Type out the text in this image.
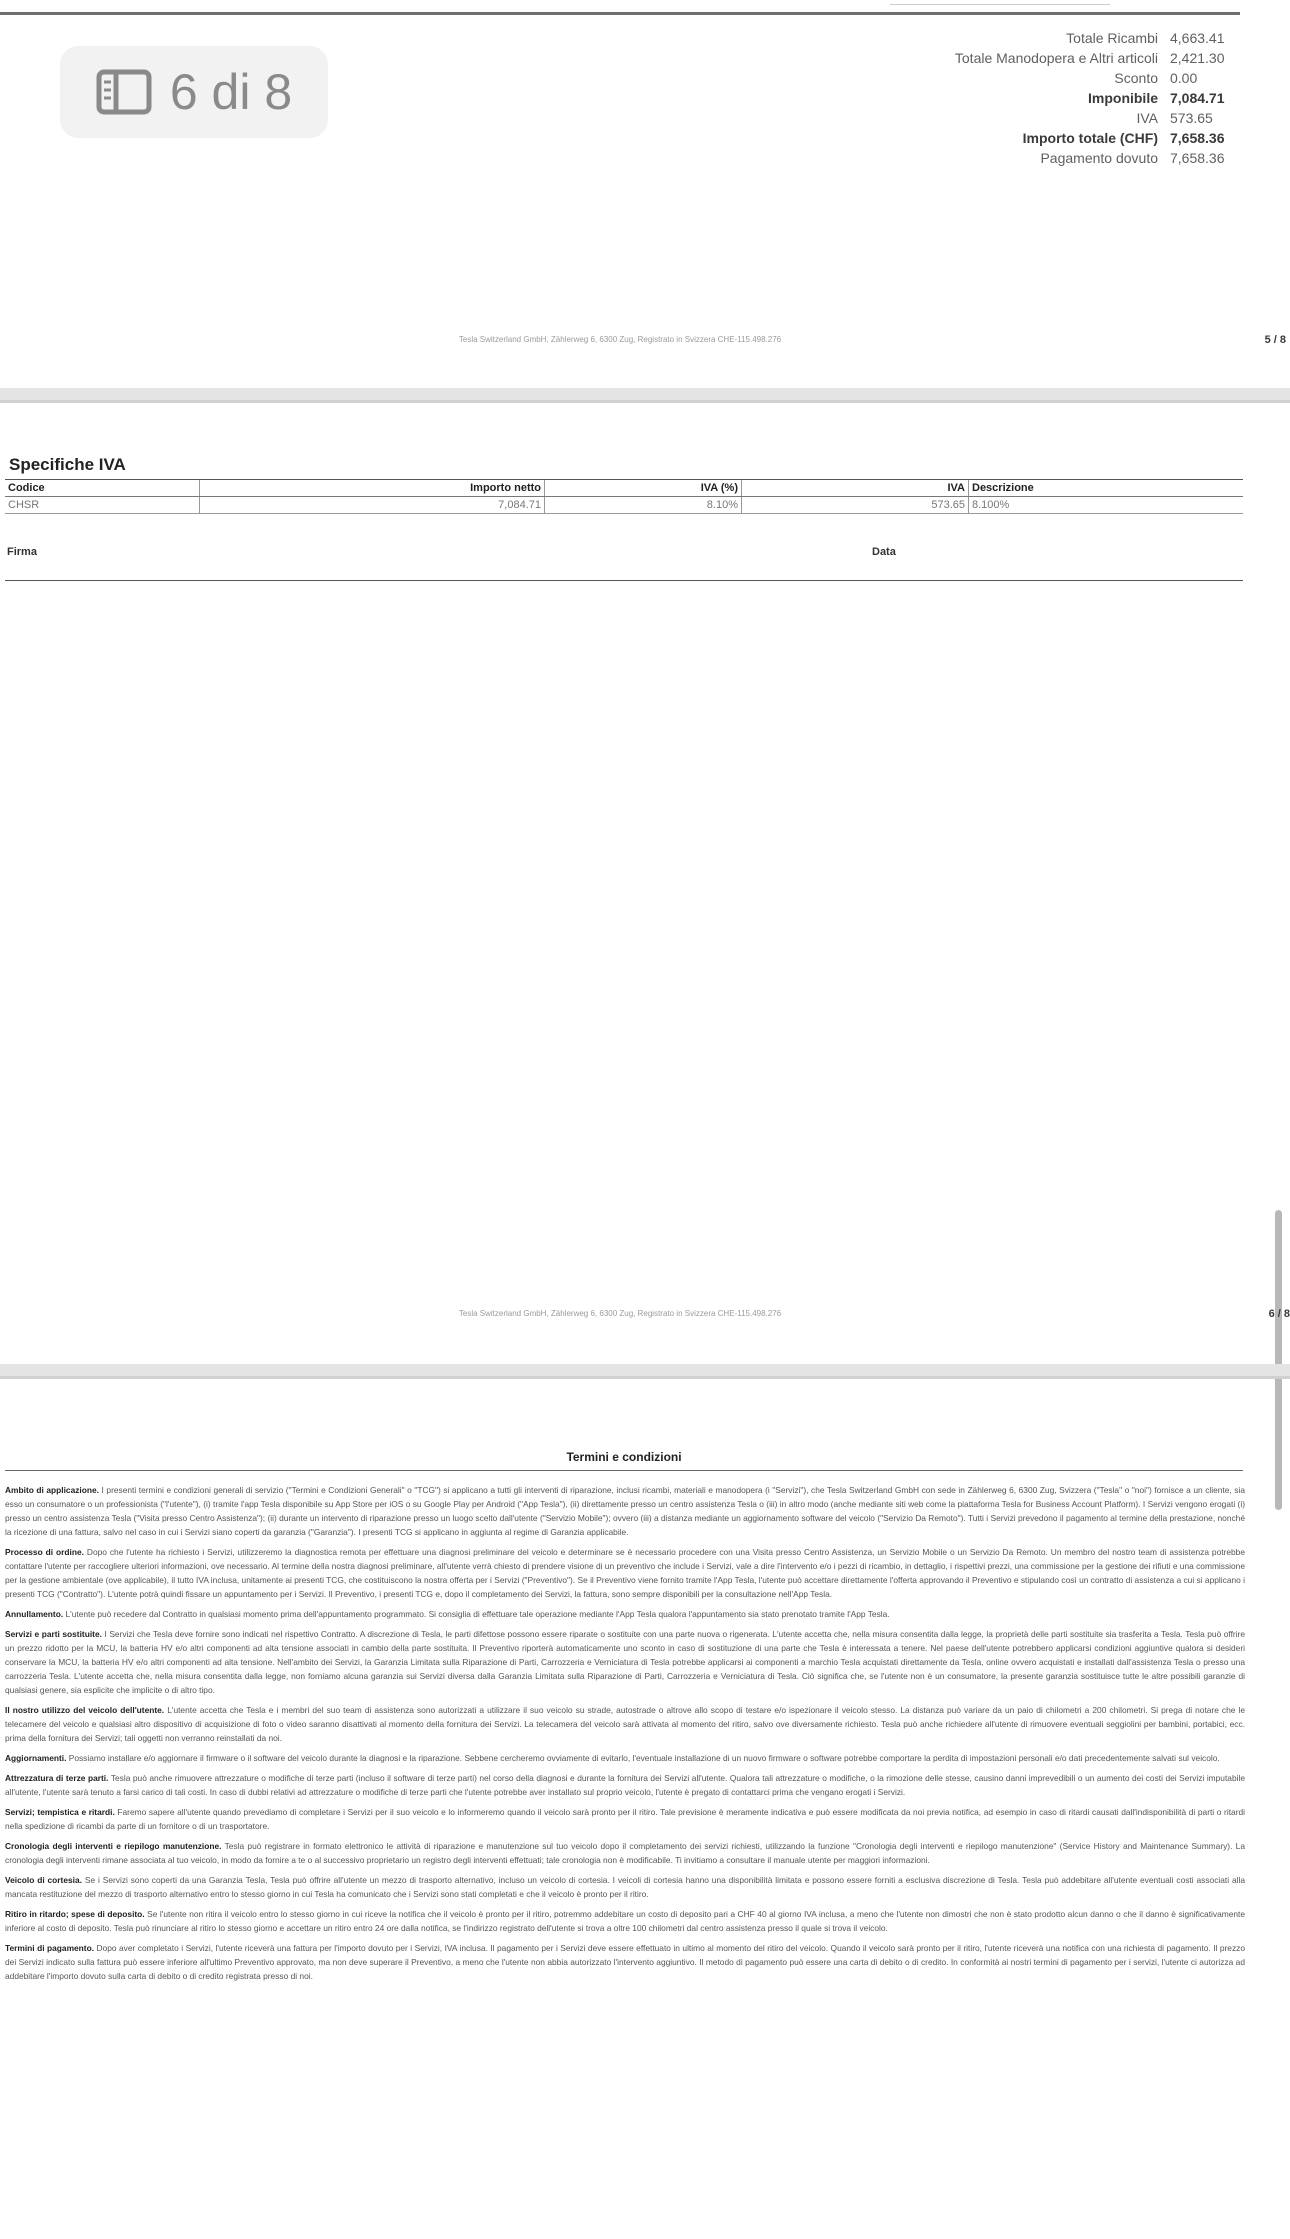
6 di 8
Totale Ricambi 4,663.41
Totale Manodopera e Altri articoli 2,421.30
Sconto 0.00
Imponibile 7,084.71
IVA 573.65
Importo totale (CHF) 7,658.36
Pagamento dovuto 7,658.36
Tesla Switzerland GmbH, Zählerweg 6, 6300 Zug, Registrato in Svizzera CHE-115.498.276	5 / 8
Specifiche IVA
Codice	Importo netto	IVA (%)	IVA	Descrizione
CHSR	7,084.71	8.10%	573.65	8.100%
Firma	Data
Tesla Switzerland GmbH, Zählerweg 6, 6300 Zug, Registrato in Svizzera CHE-115.498.276	6 / 8
Termini e condizioni

Ambito di applicazione. I presenti termini e condizioni generali di servizio ("Termini e Condizioni Generali" o "TCG") si applicano a tutti gli interventi di riparazione, inclusi ricambi, materiali e manodopera (i "Servizi"), che Tesla Switzerland GmbH con sede in Zählerweg 6, 6300 Zug, Svizzera ("Tesla" o "noi") fornisce a un cliente, sia esso un consumatore o un professionista ("l'utente"), (i) tramite l'app Tesla disponibile su App Store per iOS o su Google Play per Android ("App Tesla"), (ii) direttamente presso un centro assistenza Tesla o (iii) in altro modo (anche mediante siti web come la piattaforma Tesla for Business Account Platform). I Servizi vengono erogati (i) presso un centro assistenza Tesla ("Visita presso Centro Assistenza"); (ii) durante un intervento di riparazione presso un luogo scelto dall'utente ("Servizio Mobile"); ovvero (iii) a distanza mediante un aggiornamento software del veicolo ("Servizio Da Remoto"). Tutti i Servizi prevedono il pagamento al termine della prestazione, nonché la ricezione di una fattura, salvo nel caso in cui i Servizi siano coperti da garanzia ("Garanzia"). I presenti TCG si applicano in aggiunta al regime di Garanzia applicabile.

Processo di ordine. Dopo che l'utente ha richiesto i Servizi, utilizzeremo la diagnostica remota per effettuare una diagnosi preliminare del veicolo e determinare se è necessario procedere con una Visita presso Centro Assistenza, un Servizio Mobile o un Servizio Da Remoto. Un membro del nostro team di assistenza potrebbe contattare l'utente per raccogliere ulteriori informazioni, ove necessario. Al termine della nostra diagnosi preliminare, all'utente verrà chiesto di prendere visione di un preventivo che include i Servizi, vale a dire l'intervento e/o i pezzi di ricambio, in dettaglio, i rispettivi prezzi, una commissione per la gestione dei rifiuti e una commissione per la gestione ambientale (ove applicabile), il tutto IVA inclusa, unitamente ai presenti TCG, che costituiscono la nostra offerta per i Servizi ("Preventivo"). Se il Preventivo viene fornito tramite l'App Tesla, l'utente può accettare direttamente l'offerta approvando il Preventivo e stipulando così un contratto di assistenza a cui si applicano i presenti TCG ("Contratto"). L'utente potrà quindi fissare un appuntamento per i Servizi. Il Preventivo, i presenti TCG e, dopo il completamento dei Servizi, la fattura, sono sempre disponibili per la consultazione nell'App Tesla.

Annullamento. L'utente può recedere dal Contratto in qualsiasi momento prima dell'appuntamento programmato. Si consiglia di effettuare tale operazione mediante l'App Tesla qualora l'appuntamento sia stato prenotato tramite l'App Tesla.

Servizi e parti sostituite. I Servizi che Tesla deve fornire sono indicati nel rispettivo Contratto. A discrezione di Tesla, le parti difettose possono essere riparate o sostituite con una parte nuova o rigenerata. L'utente accetta che, nella misura consentita dalla legge, la proprietà delle parti sostituite sia trasferita a Tesla. Tesla può offrire un prezzo ridotto per la MCU, la batteria HV e/o altri componenti ad alta tensione associati in cambio della parte sostituita. Il Preventivo riporterà automaticamente uno sconto in caso di sostituzione di una parte che Tesla è interessata a tenere. Nel paese dell'utente potrebbero applicarsi condizioni aggiuntive qualora si desideri conservare la MCU, la batteria HV e/o altri componenti ad alta tensione. Nell'ambito dei Servizi, la Garanzia Limitata sulla Riparazione di Parti, Carrozzeria e Verniciatura di Tesla potrebbe applicarsi ai componenti a marchio Tesla acquistati direttamente da Tesla, online ovvero acquistati e installati dall'assistenza Tesla o presso una carrozzeria Tesla. L'utente accetta che, nella misura consentita dalla legge, non forniamo alcuna garanzia sui Servizi diversa dalla Garanzia Limitata sulla Riparazione di Parti, Carrozzeria e Verniciatura di Tesla. Ciò significa che, se l'utente non è un consumatore, la presente garanzia sostituisce tutte le altre possibili garanzie di qualsiasi genere, sia esplicite che implicite o di altro tipo.

Il nostro utilizzo del veicolo dell'utente. L'utente accetta che Tesla e i membri del suo team di assistenza sono autorizzati a utilizzare il suo veicolo su strade, autostrade o altrove allo scopo di testare e/o ispezionare il veicolo stesso. La distanza può variare da un paio di chilometri a 200 chilometri. Si prega di notare che le telecamere del veicolo e qualsiasi altro dispositivo di acquisizione di foto o video saranno disattivati al momento della fornitura dei Servizi. La telecamera del veicolo sarà attivata al momento del ritiro, salvo ove diversamente richiesto. Tesla può anche richiedere all'utente di rimuovere eventuali seggiolini per bambini, portabici, ecc. prima della fornitura dei Servizi; tali oggetti non verranno reinstallati da noi.

Aggiornamenti. Possiamo installare e/o aggiornare il firmware o il software del veicolo durante la diagnosi e la riparazione. Sebbene cercheremo ovviamente di evitarlo, l'eventuale installazione di un nuovo firmware o software potrebbe comportare la perdita di impostazioni personali e/o dati precedentemente salvati sul veicolo.

Attrezzatura di terze parti. Tesla può anche rimuovere attrezzature o modifiche di terze parti (incluso il software di terze parti) nel corso della diagnosi e durante la fornitura dei Servizi all'utente. Qualora tali attrezzature o modifiche, o la rimozione delle stesse, causino danni imprevedibili o un aumento dei costi dei Servizi imputabile all'utente, l'utente sarà tenuto a farsi carico di tali costi. In caso di dubbi relativi ad attrezzature o modifiche di terze parti che l'utente potrebbe aver installato sul proprio veicolo, l'utente è pregato di contattarci prima che vengano erogati i Servizi.

Servizi; tempistica e ritardi. Faremo sapere all'utente quando prevediamo di completare i Servizi per il suo veicolo e lo informeremo quando il veicolo sarà pronto per il ritiro. Tale previsione è meramente indicativa e può essere modificata da noi previa notifica, ad esempio in caso di ritardi causati dall'indisponibilità di parti o ritardi nella spedizione di ricambi da parte di un fornitore o di un trasportatore.

Cronologia degli interventi e riepilogo manutenzione. Tesla può registrare in formato elettronico le attività di riparazione e manutenzione sul tuo veicolo dopo il completamento dei servizi richiesti, utilizzando la funzione "Cronologia degli interventi e riepilogo manutenzione" (Service History and Maintenance Summary). La cronologia degli interventi rimane associata al tuo veicolo, in modo da fornire a te o al successivo proprietario un registro degli interventi effettuati; tale cronologia non è modificabile. Ti invitiamo a consultare il manuale utente per maggiori informazioni.

Veicolo di cortesia. Se i Servizi sono coperti da una Garanzia Tesla, Tesla può offrire all'utente un mezzo di trasporto alternativo, incluso un veicolo di cortesia. I veicoli di cortesia hanno una disponibilità limitata e possono essere forniti a esclusiva discrezione di Tesla. Tesla può addebitare all'utente eventuali costi associati alla mancata restituzione del mezzo di trasporto alternativo entro lo stesso giorno in cui Tesla ha comunicato che i Servizi sono stati completati e che il veicolo è pronto per il ritiro.

Ritiro in ritardo; spese di deposito. Se l'utente non ritira il veicolo entro lo stesso giorno in cui riceve la notifica che il veicolo è pronto per il ritiro, potremmo addebitare un costo di deposito pari a CHF 40 al giorno IVA inclusa, a meno che l'utente non dimostri che non è stato prodotto alcun danno o che il danno è significativamente inferiore al costo di deposito. Tesla può rinunciare al ritiro lo stesso giorno e accettare un ritiro entro 24 ore dalla notifica, se l'indirizzo registrato dell'utente si trova a oltre 100 chilometri dal centro assistenza presso il quale si trova il veicolo.

Termini di pagamento. Dopo aver completato i Servizi, l'utente riceverà una fattura per l'importo dovuto per i Servizi, IVA inclusa. Il pagamento per i Servizi deve essere effettuato in ultimo al momento del ritiro del veicolo. Quando il veicolo sarà pronto per il ritiro, l'utente riceverà una notifica con una richiesta di pagamento. Il prezzo dei Servizi indicato sulla fattura può essere inferiore all'ultimo Preventivo approvato, ma non deve superare il Preventivo, a meno che l'utente non abbia autorizzato l'intervento aggiuntivo. Il metodo di pagamento può essere una carta di debito o di credito. In conformità ai nostri termini di pagamento per i servizi, l'utente ci autorizza ad addebitare l'importo dovuto sulla carta di debito o di credito registrata presso di noi.
